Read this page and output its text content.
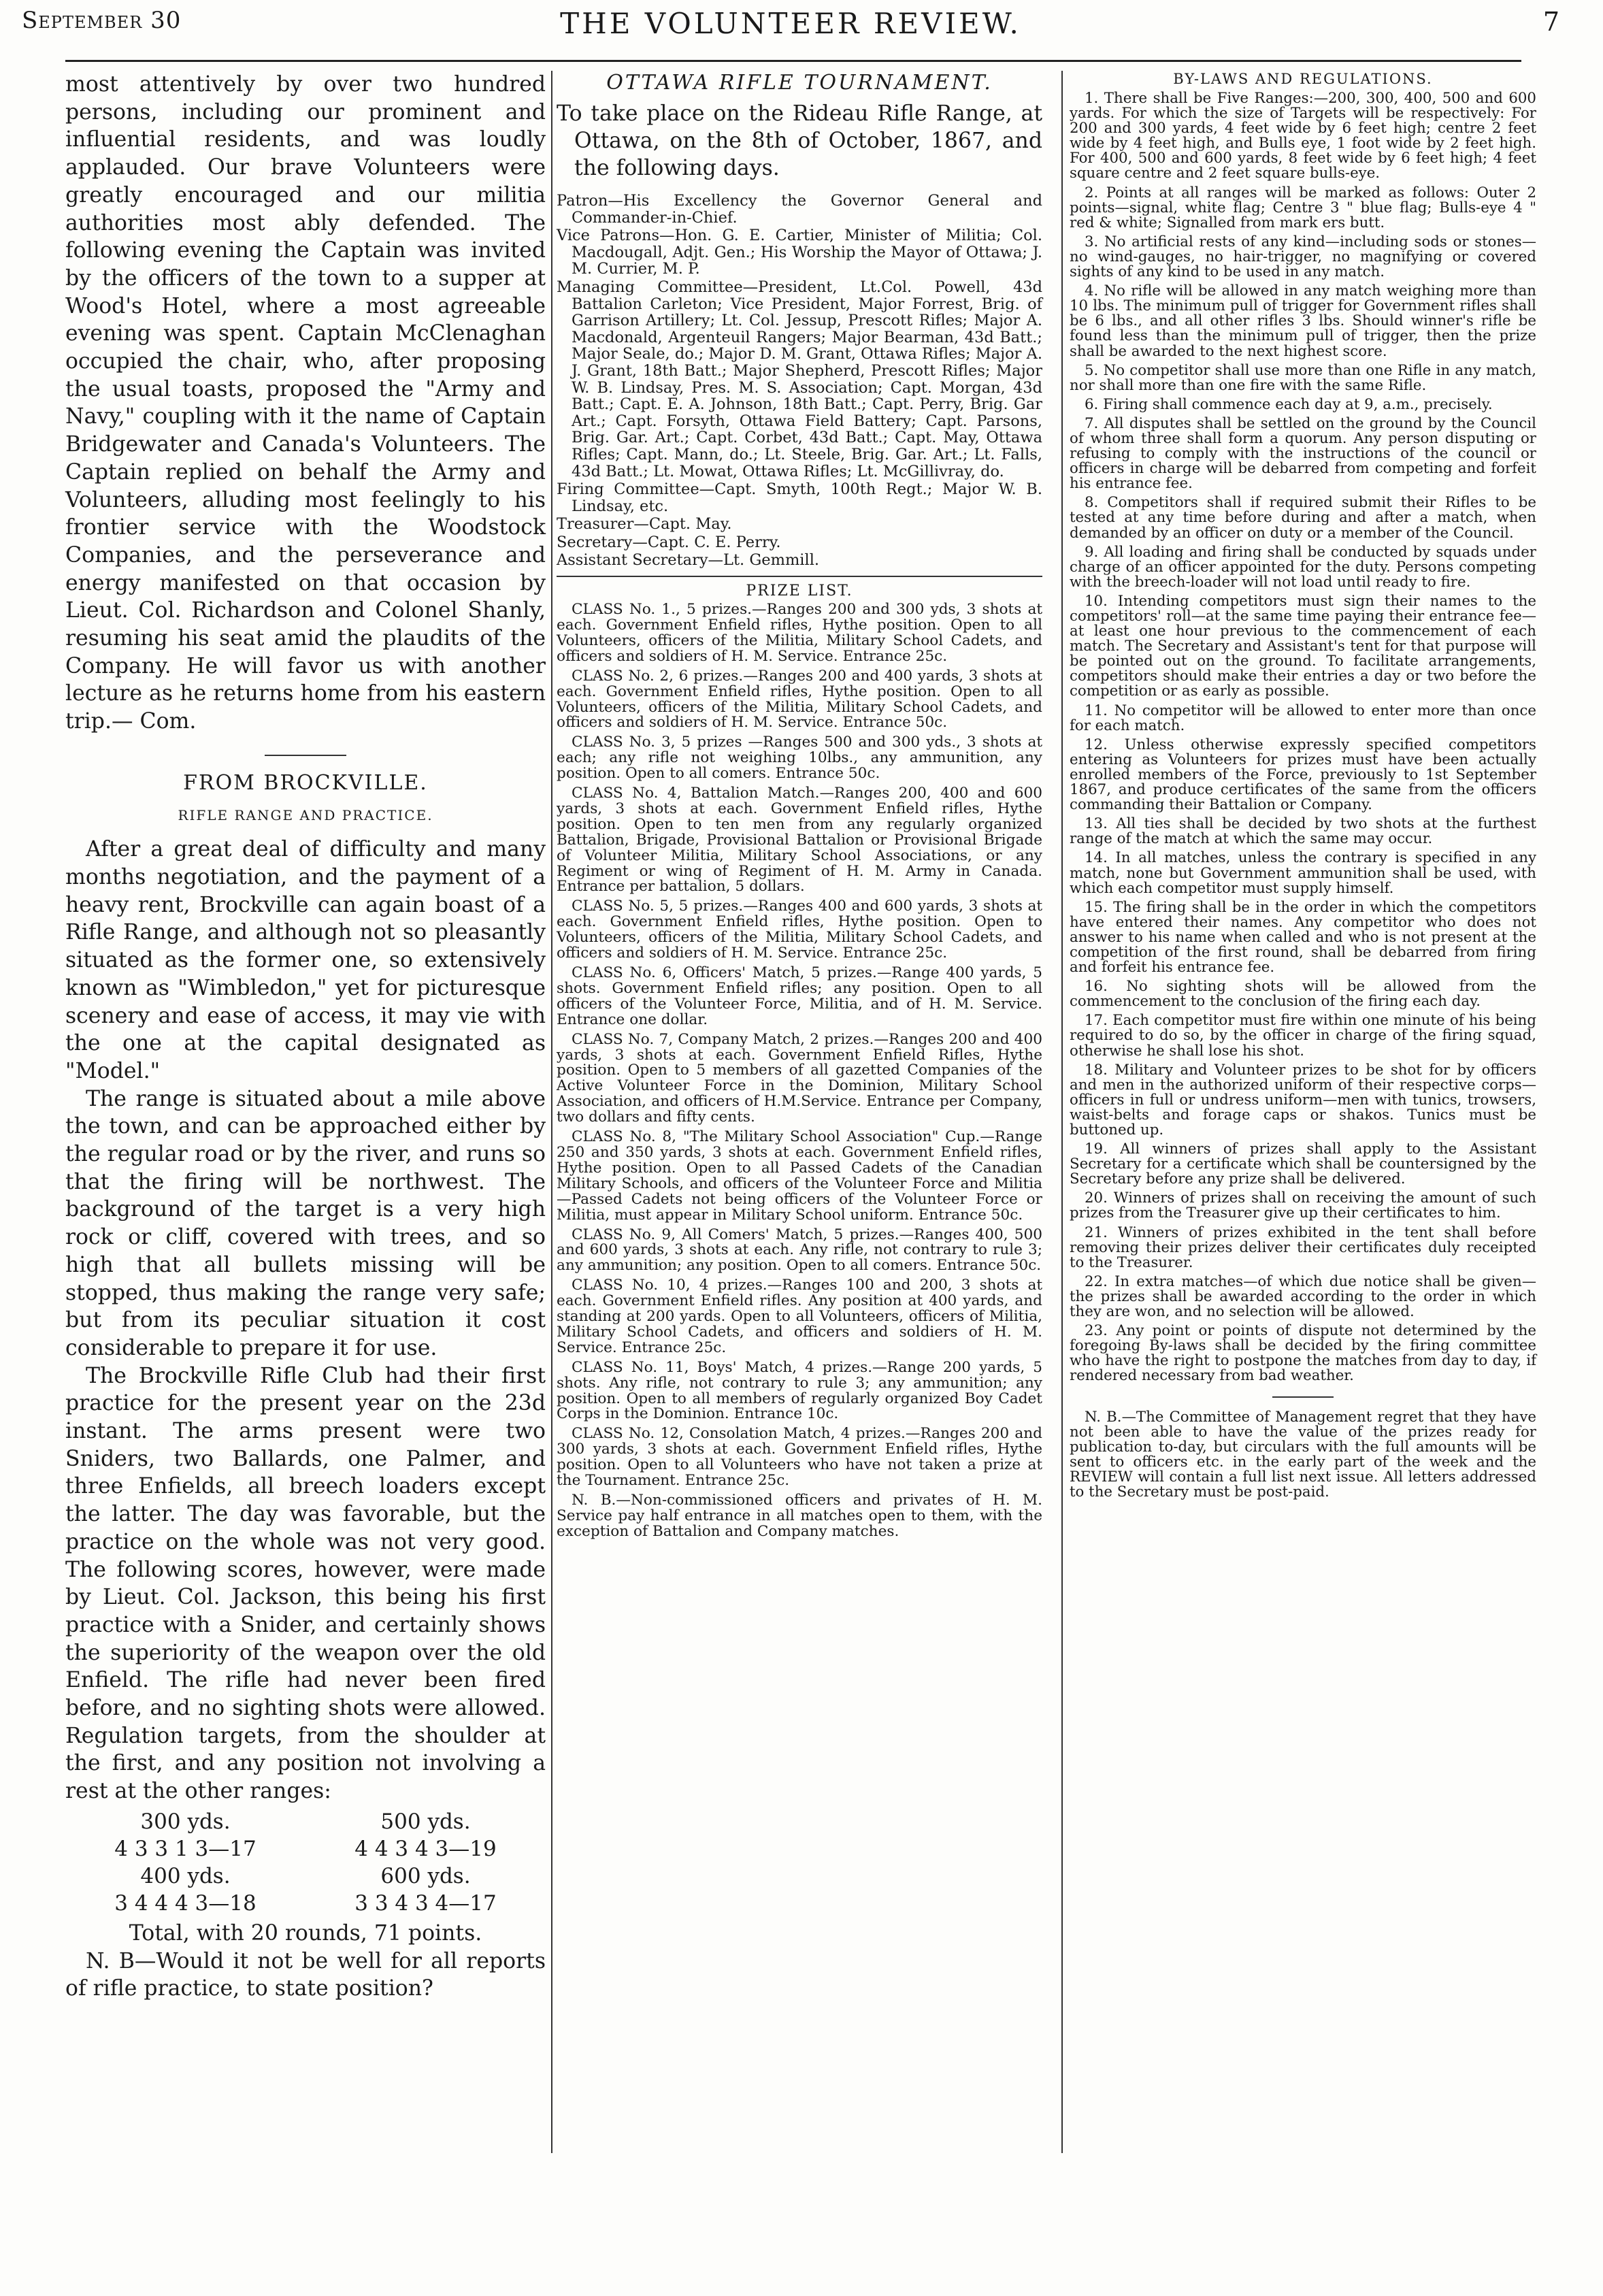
September 30	THE VOLUNTEER REVIEW.	7

most attentively by over two hundred persons, including our prominent and influential residents, and was loudly applauded. Our brave Volunteers were greatly encouraged and our militia authorities most ably defended. The following evening the Captain was invited by the officers of the town to a supper at Wood's Hotel, where a most agreeable evening was spent. Captain McClenaghan occupied the chair, who, after proposing the usual toasts, proposed the "Army and Navy," coupling with it the name of Captain Bridgewater and Canada's Volunteers. The Captain replied on behalf the Army and Volunteers, alluding most feelingly to his frontier service with the Woodstock Companies, and the perseverance and energy manifested on that occasion by Lieut. Col. Richardson and Colonel Shanly, resuming his seat amid the plaudits of the Company. He will favor us with another lecture as he returns home from his eastern trip.— Com.

FROM BROCKVILLE.
RIFLE RANGE AND PRACTICE.

After a great deal of difficulty and many months negotiation, and the payment of a heavy rent, Brockville can again boast of a Rifle Range, and although not so pleasantly situated as the former one, so extensively known as "Wimbledon," yet for picturesque scenery and ease of access, it may vie with the one at the capital designated as "Model."

The range is situated about a mile above the town, and can be approached either by the regular road or by the river, and runs so that the firing will be northwest. The background of the target is a very high rock or cliff, covered with trees, and so high that all bullets missing will be stopped, thus making the range very safe; but from its peculiar situation it cost considerable to prepare it for use.

The Brockville Rifle Club had their first practice for the present year on the 23d instant. The arms present were two Sniders, two Ballards, one Palmer, and three Enfields, all breech loaders except the latter. The day was favorable, but the practice on the whole was not very good. The following scores, however, were made by Lieut. Col. Jackson, this being his first practice with a Snider, and certainly shows the superiority of the weapon over the old Enfield. The rifle had never been fired before, and no sighting shots were allowed. Regulation targets, from the shoulder at the first, and any position not involving a rest at the other ranges:

300 yds.	500 yds.
4 3 3 1 3—17	4 4 3 4 3—19
400 yds.	600 yds.
3 4 4 4 3—18	3 3 4 3 4—17

Total, with 20 rounds, 71 points.

N. B—Would it not be well for all reports of rifle practice, to state position?

OTTAWA RIFLE TOURNAMENT.
To take place on the Rideau Rifle Range, at Ottawa, on the 8th of October, 1867, and the following days.

Patron—His Excellency the Governor General and Commander-in-Chief.

Vice Patrons—Hon. G. E. Cartier, Minister of Militia; Col. Macdougall, Adjt. Gen.; His Worship the Mayor of Ottawa; J. M. Currier, M. P.

Managing Committee—President, Lt.Col. Powell, 43d Battalion Carleton; Vice President, Major Forrest, Brig. of Garrison Artillery; Lt. Col. Jessup, Prescott Rifles; Major A. Macdonald, Argenteuil Rangers; Major Bearman, 43d Batt.; Major Seale, do.; Major D. M. Grant, Ottawa Rifles; Major A. J. Grant, 18th Batt.; Major Shepherd, Prescott Rifles; Major W. B. Lindsay, Pres. M. S. Association; Capt. Morgan, 43d Batt.; Capt. E. A. Johnson, 18th Batt.; Capt. Perry, Brig. Gar Art.; Capt. Forsyth, Ottawa Field Battery; Capt. Parsons, Brig. Gar. Art.; Capt. Corbet, 43d Batt.; Capt. May, Ottawa Rifles; Capt. Mann, do.; Lt. Steele, Brig. Gar. Art.; Lt. Falls, 43d Batt.; Lt. Mowat, Ottawa Rifles; Lt. McGillivray, do.

Firing Committee—Capt. Smyth, 100th Regt.; Major W. B. Lindsay, etc.

Treasurer—Capt. May.

Secretary—Capt. C. E. Perry.

Assistant Secretary—Lt. Gemmill.

PRIZE LIST.

CLASS No. 1., 5 prizes.—Ranges 200 and 300 yds, 3 shots at each. Government Enfield rifles, Hythe position. Open to all Volunteers, officers of the Militia, Military School Cadets, and officers and soldiers of H. M. Service. Entrance 25c.

CLASS No. 2, 6 prizes.—Ranges 200 and 400 yards, 3 shots at each. Government Enfield rifles, Hythe position. Open to all Volunteers, officers of the Militia, Military School Cadets, and officers and soldiers of H. M. Service. Entrance 50c.

CLASS No. 3, 5 prizes —Ranges 500 and 300 yds., 3 shots at each; any rifle not weighing 10lbs., any ammunition, any position. Open to all comers. Entrance 50c.

CLASS No. 4, Battalion Match.—Ranges 200, 400 and 600 yards, 3 shots at each. Government Enfield rifles, Hythe position. Open to ten men from any regularly organized Battalion, Brigade, Provisional Battalion or Provisional Brigade of Volunteer Militia, Military School Associations, or any Regiment or wing of Regiment of H. M. Army in Canada. Entrance per battalion, 5 dollars.

CLASS No. 5, 5 prizes.—Ranges 400 and 600 yards, 3 shots at each. Government Enfield rifles, Hythe position. Open to Volunteers, officers of the Militia, Military School Cadets, and officers and soldiers of H. M. Service. Entrance 25c.

CLASS No. 6, Officers' Match, 5 prizes.—Range 400 yards, 5 shots. Government Enfield rifles; any position. Open to all officers of the Volunteer Force, Militia, and of H. M. Service. Entrance one dollar.

CLASS No. 7, Company Match, 2 prizes.—Ranges 200 and 400 yards, 3 shots at each. Government Enfield Rifles, Hythe position. Open to 5 members of all gazetted Companies of the Active Volunteer Force in the Dominion, Military School Association, and officers of H.M.Service. Entrance per Company, two dollars and fifty cents.

CLASS No. 8, "The Military School Association" Cup.—Range 250 and 350 yards, 3 shots at each. Government Enfield rifles, Hythe position. Open to all Passed Cadets of the Canadian Military Schools, and officers of the Volunteer Force and Militia—Passed Cadets not being officers of the Volunteer Force or Militia, must appear in Military School uniform. Entrance 50c.

CLASS No. 9, All Comers' Match, 5 prizes.—Ranges 400, 500 and 600 yards, 3 shots at each. Any rifle, not contrary to rule 3; any ammunition; any position. Open to all comers. Entrance 50c.

CLASS No. 10, 4 prizes.—Ranges 100 and 200, 3 shots at each. Government Enfield rifles. Any position at 400 yards, and standing at 200 yards. Open to all Volunteers, officers of Militia, Military School Cadets, and officers and soldiers of H. M. Service. Entrance 25c.

CLASS No. 11, Boys' Match, 4 prizes.—Range 200 yards, 5 shots. Any rifle, not contrary to rule 3; any ammunition; any position. Open to all members of regularly organized Boy Cadet Corps in the Dominion. Entrance 10c.

CLASS No. 12, Consolation Match, 4 prizes.—Ranges 200 and 300 yards, 3 shots at each. Government Enfield rifles, Hythe position. Open to all Volunteers who have not taken a prize at the Tournament. Entrance 25c.

N. B.—Non-commissioned officers and privates of H. M. Service pay half entrance in all matches open to them, with the exception of Battalion and Company matches.

BY-LAWS AND REGULATIONS.

1. There shall be Five Ranges:—200, 300, 400, 500 and 600 yards. For which the size of Targets will be respectively: For 200 and 300 yards, 4 feet wide by 6 feet high; centre 2 feet wide by 4 feet high, and Bulls eye, 1 foot wide by 2 feet high. For 400, 500 and 600 yards, 8 feet wide by 6 feet high; 4 feet square centre and 2 feet square bulls-eye.

2. Points at all ranges will be marked as follows: Outer 2 points—signal, white flag; Centre 3 " blue flag; Bulls-eye 4 " red & white; Signalled from mark ers butt.

3. No artificial rests of any kind—including sods or stones—no wind-gauges, no hair-trigger, no magnifying or covered sights of any kind to be used in any match.

4. No rifle will be allowed in any match weighing more than 10 lbs. The minimum pull of trigger for Government rifles shall be 6 lbs., and all other rifles 3 lbs. Should winner's rifle be found less than the minimum pull of trigger, then the prize shall be awarded to the next highest score.

5. No competitor shall use more than one Rifle in any match, nor shall more than one fire with the same Rifle.

6. Firing shall commence each day at 9, a.m., precisely.

7. All disputes shall be settled on the ground by the Council of whom three shall form a quorum. Any person disputing or refusing to comply with the instructions of the council or officers in charge will be debarred from competing and forfeit his entrance fee.

8. Competitors shall if required submit their Rifles to be tested at any time before during and after a match, when demanded by an officer on duty or a member of the Council.

9. All loading and firing shall be conducted by squads under charge of an officer appointed for the duty. Persons competing with the breech-loader will not load until ready to fire.

10. Intending competitors must sign their names to the competitors' roll—at the same time paying their entrance fee—at least one hour previous to the commencement of each match. The Secretary and Assistant's tent for that purpose will be pointed out on the ground. To facilitate arrangements, competitors should make their entries a day or two before the competition or as early as possible.

11. No competitor will be allowed to enter more than once for each match.

12. Unless otherwise expressly specified competitors entering as Volunteers for prizes must have been actually enrolled members of the Force, previously to 1st September 1867, and produce certificates of the same from the officers commanding their Battalion or Company.

13. All ties shall be decided by two shots at the furthest range of the match at which the same may occur.

14. In all matches, unless the contrary is specified in any match, none but Government ammunition shall be used, with which each competitor must supply himself.

15. The firing shall be in the order in which the competitors have entered their names. Any competitor who does not answer to his name when called and who is not present at the competition of the first round, shall be debarred from firing and forfeit his entrance fee.

16. No sighting shots will be allowed from the commencement to the conclusion of the firing each day.

17. Each competitor must fire within one minute of his being required to do so, by the officer in charge of the firing squad, otherwise he shall lose his shot.

18. Military and Volunteer prizes to be shot for by officers and men in the authorized uniform of their respective corps—officers in full or undress uniform—men with tunics, trowsers, waist-belts and forage caps or shakos. Tunics must be buttoned up.

19. All winners of prizes shall apply to the Assistant Secretary for a certificate which shall be countersigned by the Secretary before any prize shall be delivered.

20. Winners of prizes shall on receiving the amount of such prizes from the Treasurer give up their certificates to him.

21. Winners of prizes exhibited in the tent shall before removing their prizes deliver their certificates duly receipted to the Treasurer.

22. In extra matches—of which due notice shall be given—the prizes shall be awarded according to the order in which they are won, and no selection will be allowed.

23. Any point or points of dispute not determined by the foregoing By-laws shall be decided by the firing committee who have the right to postpone the matches from day to day, if rendered necessary from bad weather.

N. B.—The Committee of Management regret that they have not been able to have the value of the prizes ready for publication to-day, but circulars with the full amounts will be sent to officers etc. in the early part of the week and the REVIEW will contain a full list next issue. All letters addressed to the Secretary must be post-paid.
